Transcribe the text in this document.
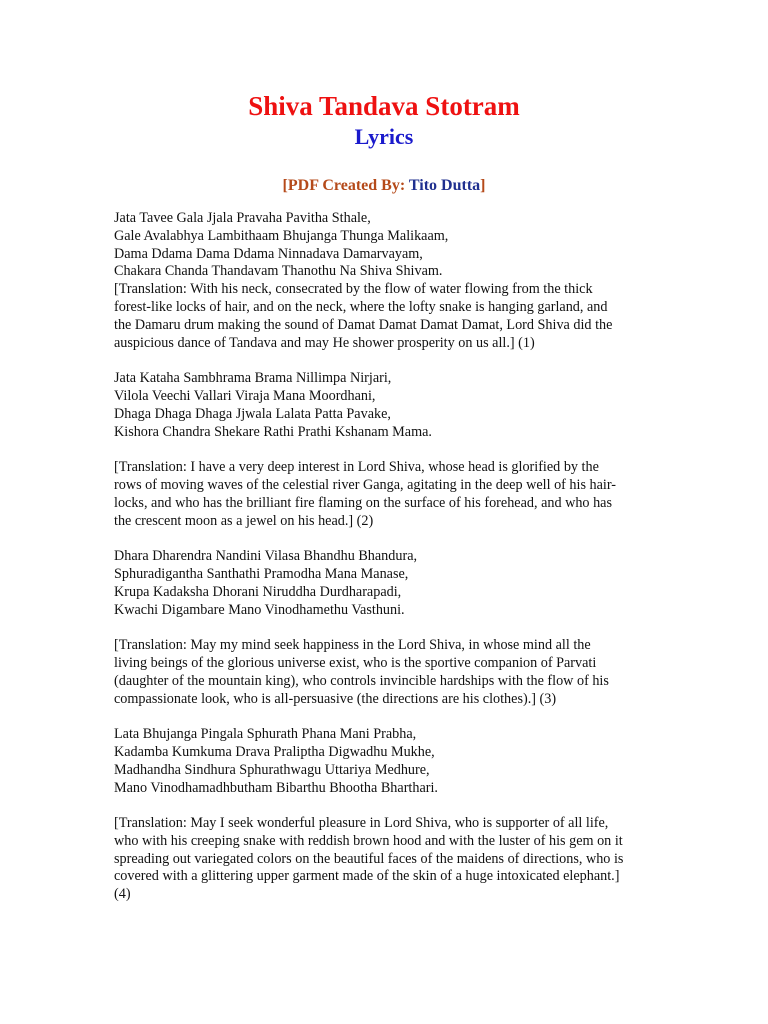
Shiva Tandava Stotram
Lyrics
[PDF Created By: Tito Dutta]
Jata Tavee Gala Jjala Pravaha Pavitha Sthale,
Gale Avalabhya Lambithaam Bhujanga Thunga Malikaam,
Dama Ddama Dama Ddama Ninnadava Damarvayam,
Chakara Chanda Thandavam Thanothu Na Shiva Shivam.
[Translation: With his neck, consecrated by the flow of water flowing from the thick
forest-like locks of hair, and on the neck, where the lofty snake is hanging garland, and
the Damaru drum making the sound of Damat Damat Damat Damat, Lord Shiva did the
auspicious dance of Tandava and may He shower prosperity on us all.] (1)
Jata Kataha Sambhrama Brama Nillimpa Nirjari,
Vilola Veechi Vallari Viraja Mana Moordhani,
Dhaga Dhaga Dhaga Jjwala Lalata Patta Pavake,
Kishora Chandra Shekare Rathi Prathi Kshanam Mama.
[Translation: I have a very deep interest in Lord Shiva, whose head is glorified by the
rows of moving waves of the celestial river Ganga, agitating in the deep well of his hair-
locks, and who has the brilliant fire flaming on the surface of his forehead, and who has
the crescent moon as a jewel on his head.] (2)
Dhara Dharendra Nandini Vilasa Bhandhu Bhandura,
Sphuradigantha Santhathi Pramodha Mana Manase,
Krupa Kadaksha Dhorani Niruddha Durdharapadi,
Kwachi Digambare Mano Vinodhamethu Vasthuni.
[Translation: May my mind seek happiness in the Lord Shiva, in whose mind all the
living beings of the glorious universe exist, who is the sportive companion of Parvati
(daughter of the mountain king), who controls invincible hardships with the flow of his
compassionate look, who is all-persuasive (the directions are his clothes).] (3)
Lata Bhujanga Pingala Sphurath Phana Mani Prabha,
Kadamba Kumkuma Drava Praliptha Digwadhu Mukhe,
Madhandha Sindhura Sphurathwagu Uttariya Medhure,
Mano Vinodhamadhbutham Bibarthu Bhootha Bharthari.
[Translation: May I seek wonderful pleasure in Lord Shiva, who is supporter of all life,
who with his creeping snake with reddish brown hood and with the luster of his gem on it
spreading out variegated colors on the beautiful faces of the maidens of directions, who is
covered with a glittering upper garment made of the skin of a huge intoxicated elephant.]
(4)
